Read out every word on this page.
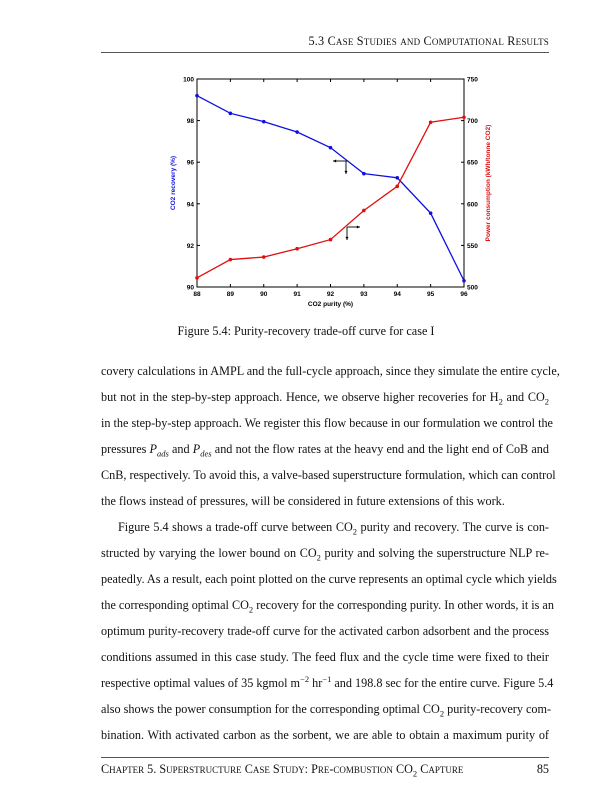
5.3 Case Studies and Computational Results
88	89	90	91	92	93	94	95	96
90
92
94
96
98
100
500
550
600
650
700
750
CO2 purity (%)
CO2 recovery (%)	Power consumption (kWh/tonne CO2)
Figure 5.4: Purity-recovery trade-off curve for case I
covery calculations in AMPL and the full-cycle approach, since they simulate the entire cycle,
but not in the step-by-step approach. Hence, we observe higher recoveries for $H_2$ and $CO_2$
in the step-by-step approach. We register this flow because in our formulation we control the
pressures $P_{ads}$ and $P_{des}$ and not the flow rates at the heavy end and the light end of CoB and
CnB, respectively. To avoid this, a valve-based superstructure formulation, which can control
the flows instead of pressures, will be considered in future extensions of this work.
Figure 5.4 shows a trade-off curve between $CO_2$ purity and recovery. The curve is con-
structed by varying the lower bound on $CO_2$ purity and solving the superstructure NLP re-
peatedly. As a result, each point plotted on the curve represents an optimal cycle which yields
the corresponding optimal $CO_2$ recovery for the corresponding purity. In other words, it is an
optimum purity-recovery trade-off curve for the activated carbon adsorbent and the process
conditions assumed in this case study. The feed flux and the cycle time were fixed to their
respective optimal values of 35 kgmol $m^{-2}$ $hr^{-1}$ and 198.8 sec for the entire curve. Figure 5.4
also shows the power consumption for the corresponding optimal $CO_2$ purity-recovery com-
bination. With activated carbon as the sorbent, we are able to obtain a maximum purity of
Chapter 5. Superstructure Case Study: Pre-combustion $CO_2$ Capture	85
